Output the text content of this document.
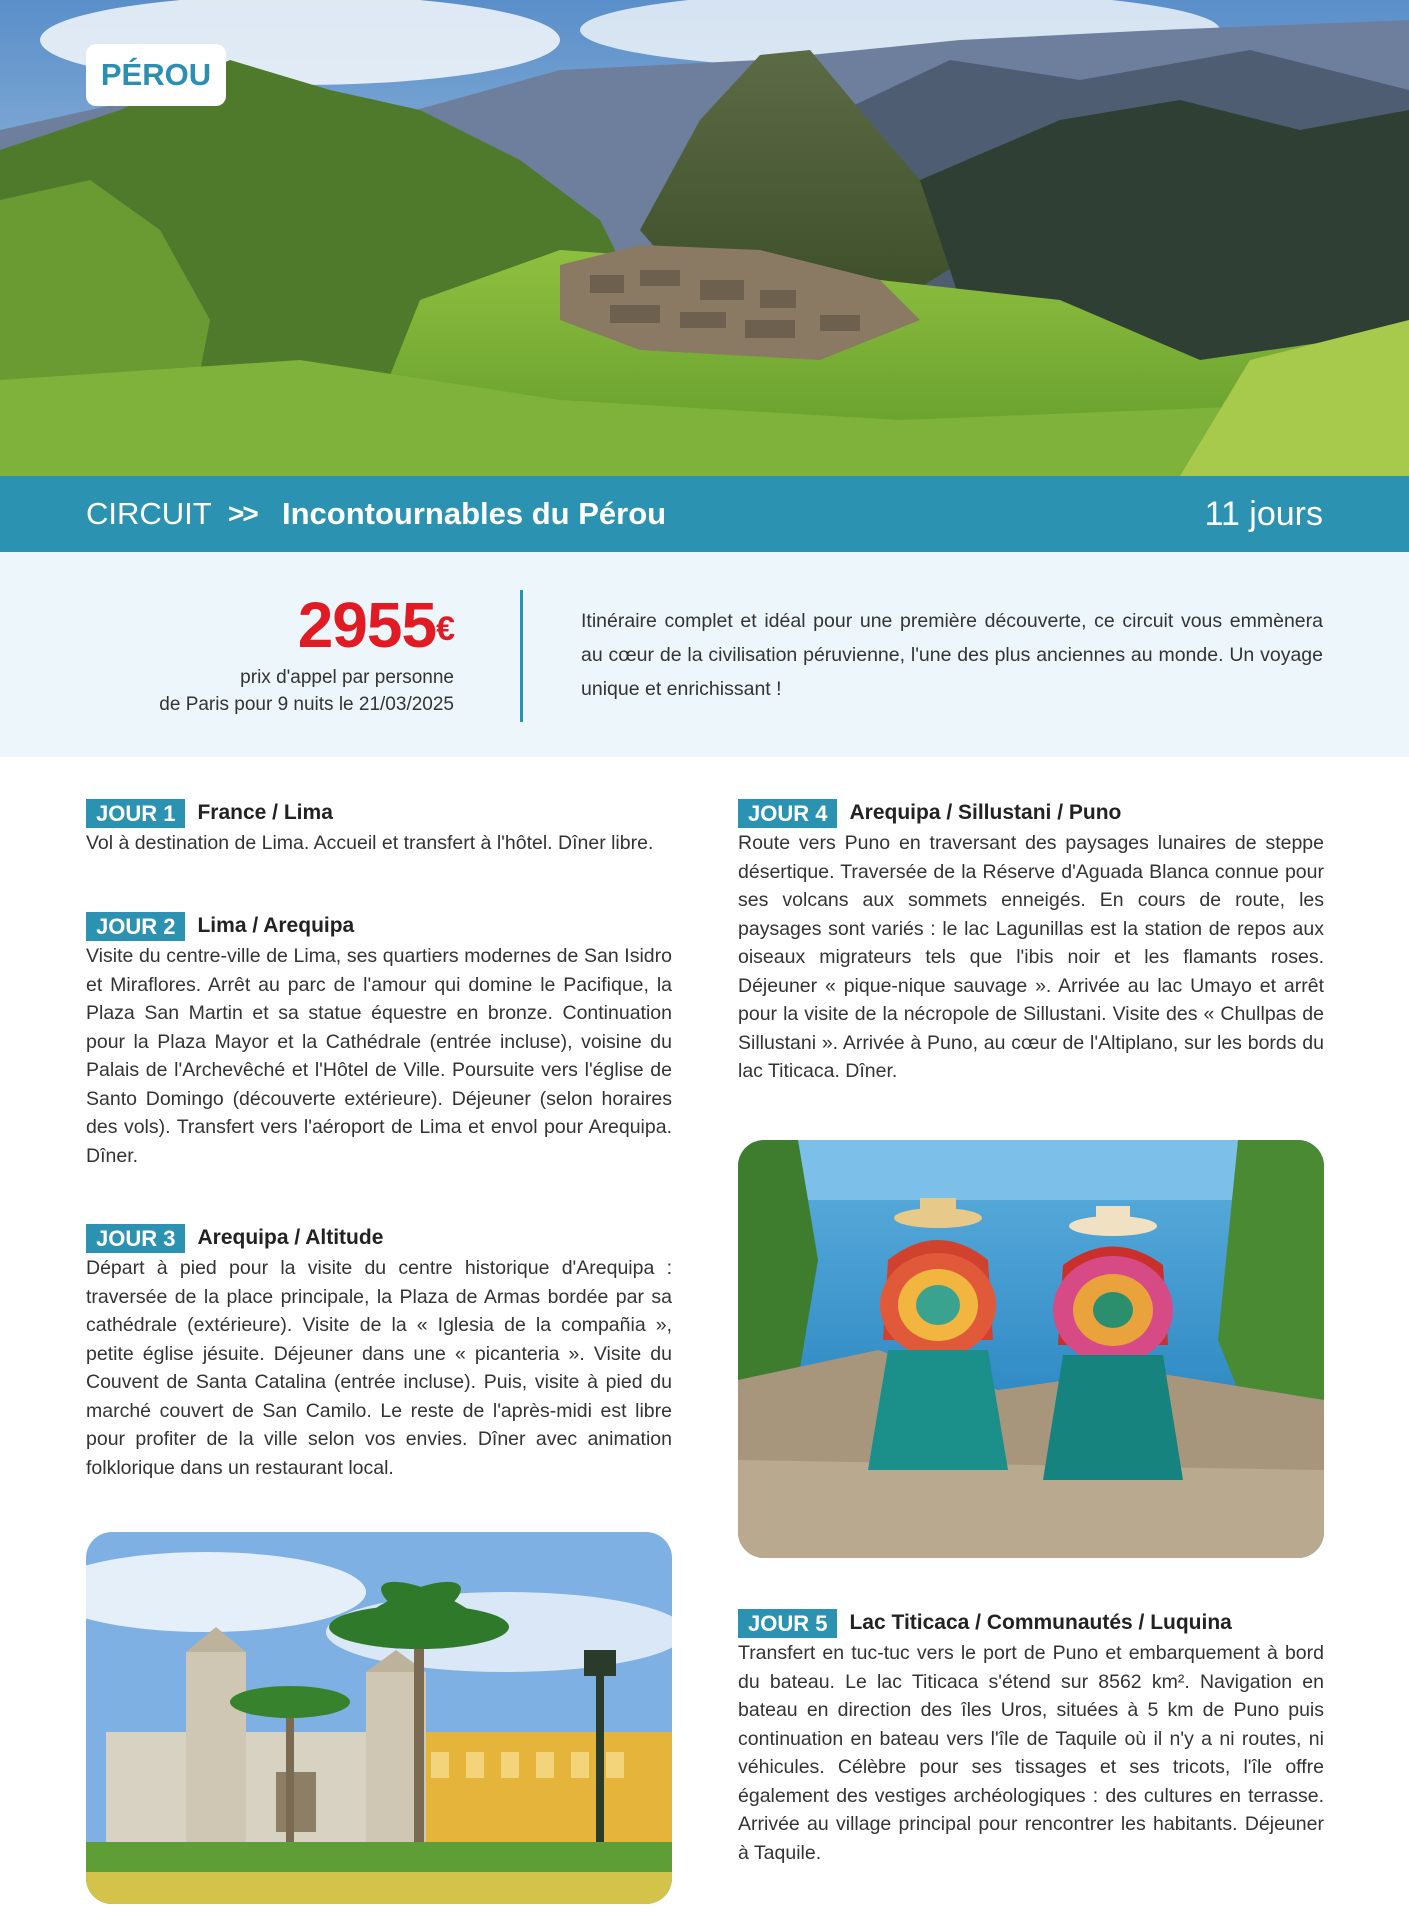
PÉROU
CIRCUIT >> Incontournables du Pérou	11 jours
2955€
prix d'appel par personne
de Paris pour 9 nuits le 21/03/2025
Itinéraire complet et idéal pour une première découverte, ce circuit vous emmènera au cœur de la civilisation péruvienne, l'une des plus anciennes au monde. Un voyage unique et enrichissant !
JOUR 1	France / Lima
Vol à destination de Lima. Accueil et transfert à l'hôtel. Dîner libre.
JOUR 2	Lima / Arequipa
Visite du centre-ville de Lima, ses quartiers modernes de San Isidro et Miraflores. Arrêt au parc de l'amour qui domine le Pacifique, la Plaza San Martin et sa statue équestre en bronze. Continuation pour la Plaza Mayor et la Cathédrale (entrée incluse), voisine du Palais de l'Archevêché et l'Hôtel de Ville. Poursuite vers l'église de Santo Domingo (découverte extérieure). Déjeuner (selon horaires des vols). Transfert vers l'aéroport de Lima et envol pour Arequipa. Dîner.
JOUR 3	Arequipa / Altitude
Départ à pied pour la visite du centre historique d'Arequipa : traversée de la place principale, la Plaza de Armas bordée par sa cathédrale (extérieure). Visite de la « Iglesia de la compañia », petite église jésuite. Déjeuner dans une « picanteria ». Visite du Couvent de Santa Catalina (entrée incluse). Puis, visite à pied du marché couvert de San Camilo. Le reste de l'après-midi est libre pour profiter de la ville selon vos envies. Dîner avec animation folklorique dans un restaurant local.
JOUR 4	Arequipa / Sillustani / Puno
Route vers Puno en traversant des paysages lunaires de steppe désertique. Traversée de la Réserve d'Aguada Blanca connue pour ses volcans aux sommets enneigés. En cours de route, les paysages sont variés : le lac Lagunillas est la station de repos aux oiseaux migrateurs tels que l'ibis noir et les flamants roses. Déjeuner « pique-nique sauvage ». Arrivée au lac Umayo et arrêt pour la visite de la nécropole de Sillustani. Visite des « Chullpas de Sillustani ». Arrivée à Puno, au cœur de l'Altiplano, sur les bords du lac Titicaca. Dîner.
JOUR 5	Lac Titicaca / Communautés / Luquina
Transfert en tuc-tuc vers le port de Puno et embarquement à bord du bateau. Le lac Titicaca s'étend sur 8562 km². Navigation en bateau en direction des îles Uros, situées à 5 km de Puno puis continuation en bateau vers l'île de Taquile où il n'y a ni routes, ni véhicules. Célèbre pour ses tissages et ses tricots, l'île offre également des vestiges archéologiques : des cultures en terrasse. Arrivée au village principal pour rencontrer les habitants. Déjeuner à Taquile.
